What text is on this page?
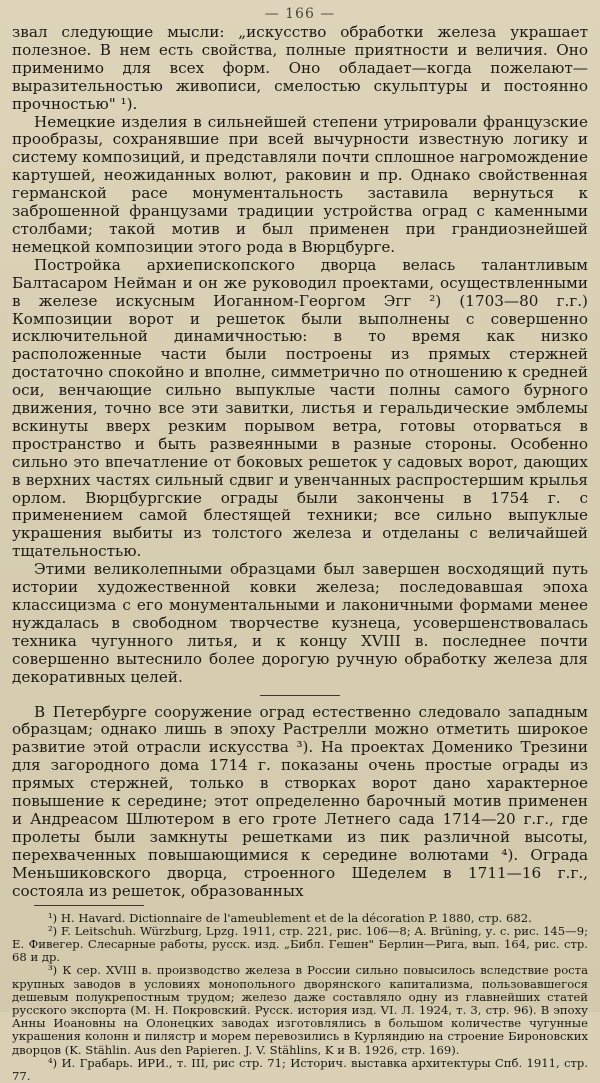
— 166 —

звал следующие мысли: „искусство обработки железа украшает полезное. В нем есть свойства, полные приятности и величия. Оно применимо для всех форм. Оно обладает—когда пожелают—выразительностью живописи, смелостью скульптуры и постоянно прочностью" ¹).

Немецкие изделия в сильнейшей степени утрировали французские прообразы, сохранявшие при всей вычурности известную логику и систему композиций, и представляли почти сплошное нагромождение картушей, неожиданных волют, раковин и пр. Однако свойственная германской расе монументальность заставила вернуться к заброшенной французами традиции устройства оград с каменными столбами; такой мотив и был применен при грандиознейшей немецкой композиции этого рода в Вюрцбурге.

Постройка архиепископского дворца велась талантливым Балтасаром Нейман и он же руководил проектами, осуществленными в железе искусным Иоганном-Георгом Эгг ²) (1703—80 г.г.) Композиции ворот и решеток были выполнены с совершенно исключительной динамичностью: в то время как низко расположенные части были построены из прямых стержней достаточно спокойно и вполне, симметрично по отношению к средней оси, венчающие сильно выпуклые части полны самого бурного движения, точно все эти завитки, листья и геральдические эмблемы вскинуты вверх резким порывом ветра, готовы оторваться в пространство и быть развеянными в разные стороны. Особенно сильно это впечатление от боковых решеток у садовых ворот, дающих в верхних частях сильный сдвиг и увенчанных распростершим крылья орлом. Вюрцбургские ограды были закончены в 1754 г. с применением самой блестящей техники; все сильно выпуклые украшения выбиты из толстого железа и отделаны с величайшей тщательностью.

Этими великолепными образцами был завершен восходящий путь истории художественной ковки железа; последовавшая эпоха классицизма с его монументальными и лаконичными формами менее нуждалась в свободном творчестве кузнеца, усовершенствовалась техника чугунного литья, и к концу XVIII в. последнее почти совершенно вытеснило более дорогую ручную обработку железа для декоративных целей.

В Петербурге сооружение оград естественно следовало западным образцам; однако лишь в эпоху Растрелли можно отметить широкое развитие этой отрасли искусства ³). На проектах Доменико Трезини для загородного дома 1714 г. показаны очень простые ограды из прямых стержней, только в створках ворот дано характерное повышение к середине; этот определенно барочный мотив применен и Андреасом Шлютером в его гроте Летнего сада 1714—20 г.г., где пролеты были замкнуты решетками из пик различной высоты, перехваченных повышающимися к середине волютами ⁴). Ограда Меньшиковского дворца, строенного Шеделем в 1711—16 г.г., состояла из решеток, образованных

¹) H. Havard. Dictionnaire de l'ameublement et de la décoration P. 1880, стр. 682.

²) F. Leitschuh. Würzburg, Lpzg. 1911, стр. 221, рис. 106—8; A. Brüning, у. с. рис. 145—9; Е. Фивегер. Слесарные работы, русск. изд. „Библ. Гешен" Берлин—Рига, вып. 164, рис. стр. 68 и др.

³) К сер. XVIII в. производство железа в России сильно повысилось вследствие роста крупных заводов в условиях монопольного дворянского капитализма, пользовавшегося дешевым полукрепостным трудом; железо даже составляло одну из главнейших статей русского экспорта (М. Н. Покровский. Русск. история изд. VI. Л. 1924, т. 3, стр. 96). В эпоху Анны Иоановны на Олонецких заводах изготовлялись в большом количестве чугунные украшения колонн и пилястр и морем перевозились в Курляндию на строение Бироновских дворцов (K. Stählin. Aus den Papieren. J. V. Stählins, K и B. 1926, стр. 169).

⁴) И. Грабарь. ИРИ., т. III, рис стр. 71; Историч. выставка архитектуры Спб. 1911, стр. 77.
